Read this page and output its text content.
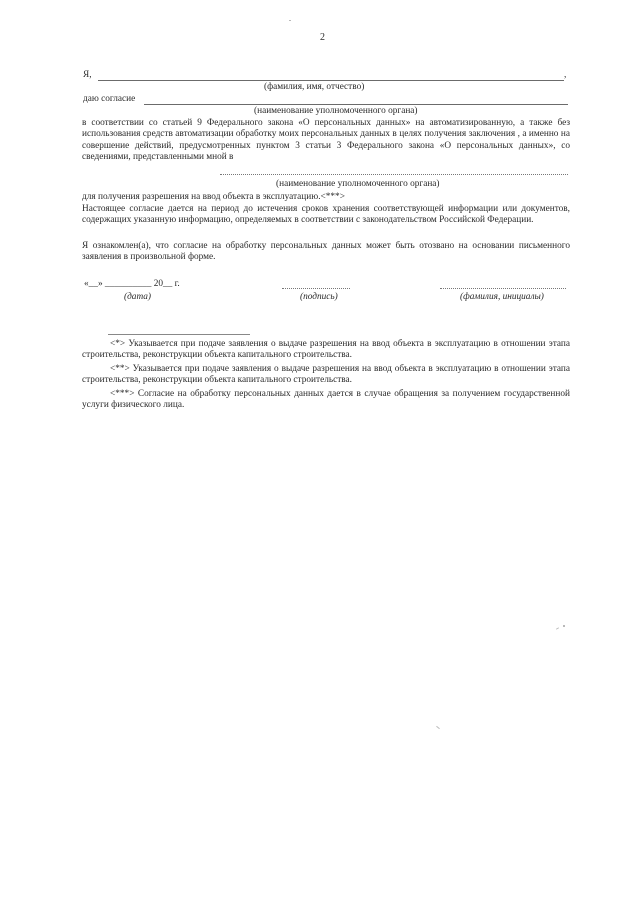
2
Я,	,
(фамилия, имя, отчество)
даю согласие
(наименование уполномоченного органа)
в соответствии со статьей 9 Федерального закона «О персональных данных» на автоматизированную, а также без использования средств автоматизации обработку моих персональных данных в целях получения заключения , а именно на совершение действий, предусмотренных пунктом 3 статьи 3 Федерального закона «О персональных данных», со сведениями, представленными мной в
(наименование уполномоченного органа)
для получения разрешения на ввод объекта в эксплуатацию.<***>
Настоящее согласие дается на период до истечения сроков хранения соответствующей информации или документов, содержащих указанную информацию, определяемых в соответствии с законодательством Российской Федерации.
Я ознакомлен(а), что согласие на обработку персональных данных может быть отозвано на основании письменного заявления в произвольной форме.
«__» __________ 20__ г.
(дата)	(подпись)	(фамилия, инициалы)
<*> Указывается при подаче заявления о выдаче разрешения на ввод объекта в эксплуатацию в отношении этапа строительства, реконструкции объекта капитального строительства.
<**> Указывается при подаче заявления о выдаче разрешения на ввод объекта в эксплуатацию в отношении этапа строительства, реконструкции объекта капитального строительства.
<***> Согласие на обработку персональных данных дается в случае обращения за получением государственной услуги физического лица.
